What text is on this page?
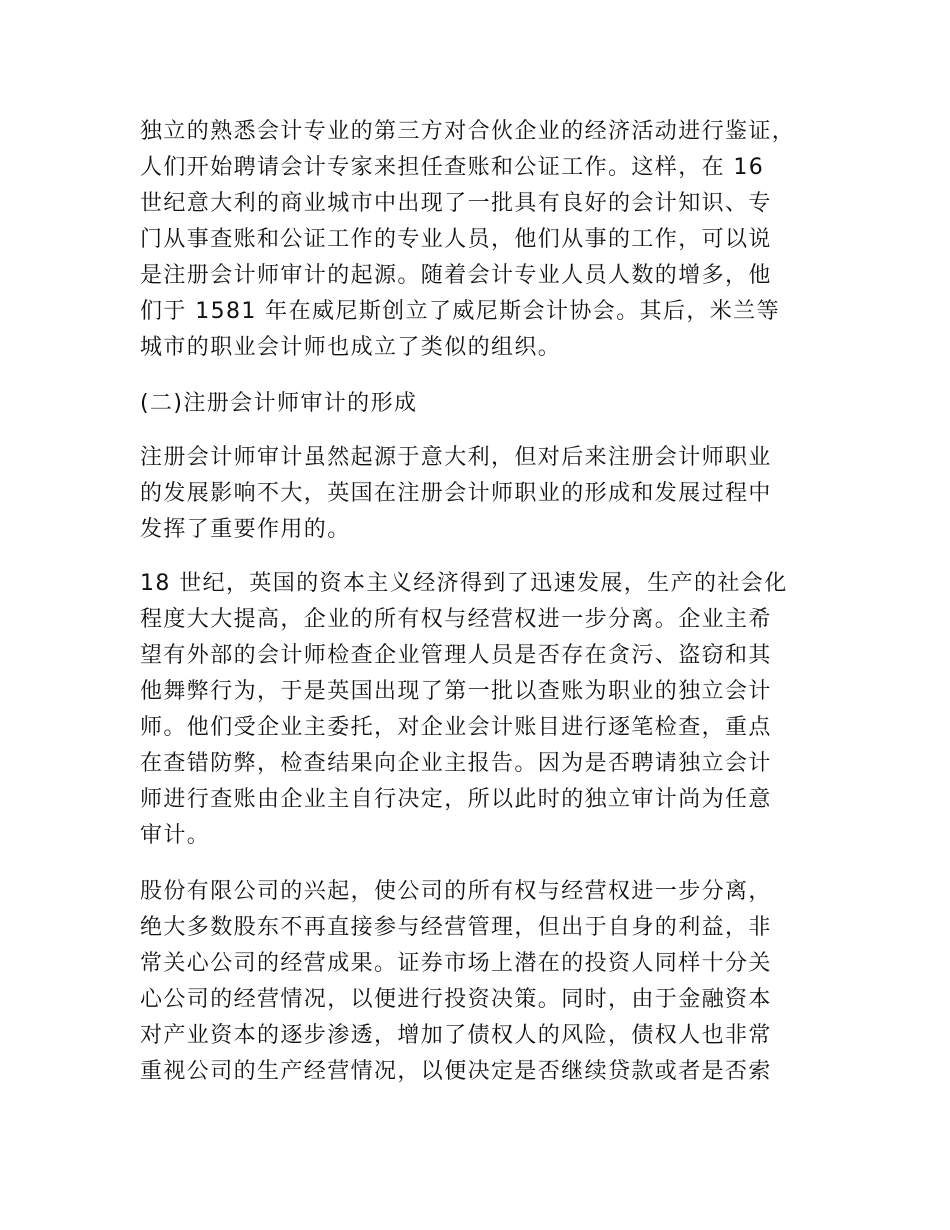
独立的熟悉会计专业的第三方对合伙企业的经济活动进行鉴证，
人们开始聘请会计专家来担任查账和公证工作。这样，在 16
世纪意大利的商业城市中出现了一批具有良好的会计知识、专
门从事查账和公证工作的专业人员，他们从事的工作，可以说
是注册会计师审计的起源。随着会计专业人员人数的增多，他
们于 1581 年在威尼斯创立了威尼斯会计协会。其后，米兰等
城市的职业会计师也成立了类似的组织。
(二)注册会计师审计的形成
注册会计师审计虽然起源于意大利，但对后来注册会计师职业
的发展影响不大，英国在注册会计师职业的形成和发展过程中
发挥了重要作用的。
18 世纪，英国的资本主义经济得到了迅速发展，生产的社会化
程度大大提高，企业的所有权与经营权进一步分离。企业主希
望有外部的会计师检查企业管理人员是否存在贪污、盗窃和其
他舞弊行为，于是英国出现了第一批以查账为职业的独立会计
师。他们受企业主委托，对企业会计账目进行逐笔检查，重点
在查错防弊，检查结果向企业主报告。因为是否聘请独立会计
师进行查账由企业主自行决定，所以此时的独立审计尚为任意
审计。
股份有限公司的兴起，使公司的所有权与经营权进一步分离，
绝大多数股东不再直接参与经营管理，但出于自身的利益，非
常关心公司的经营成果。证券市场上潜在的投资人同样十分关
心公司的经营情况，以便进行投资决策。同时，由于金融资本
对产业资本的逐步渗透，增加了债权人的风险，债权人也非常
重视公司的生产经营情况，以便决定是否继续贷款或者是否索
